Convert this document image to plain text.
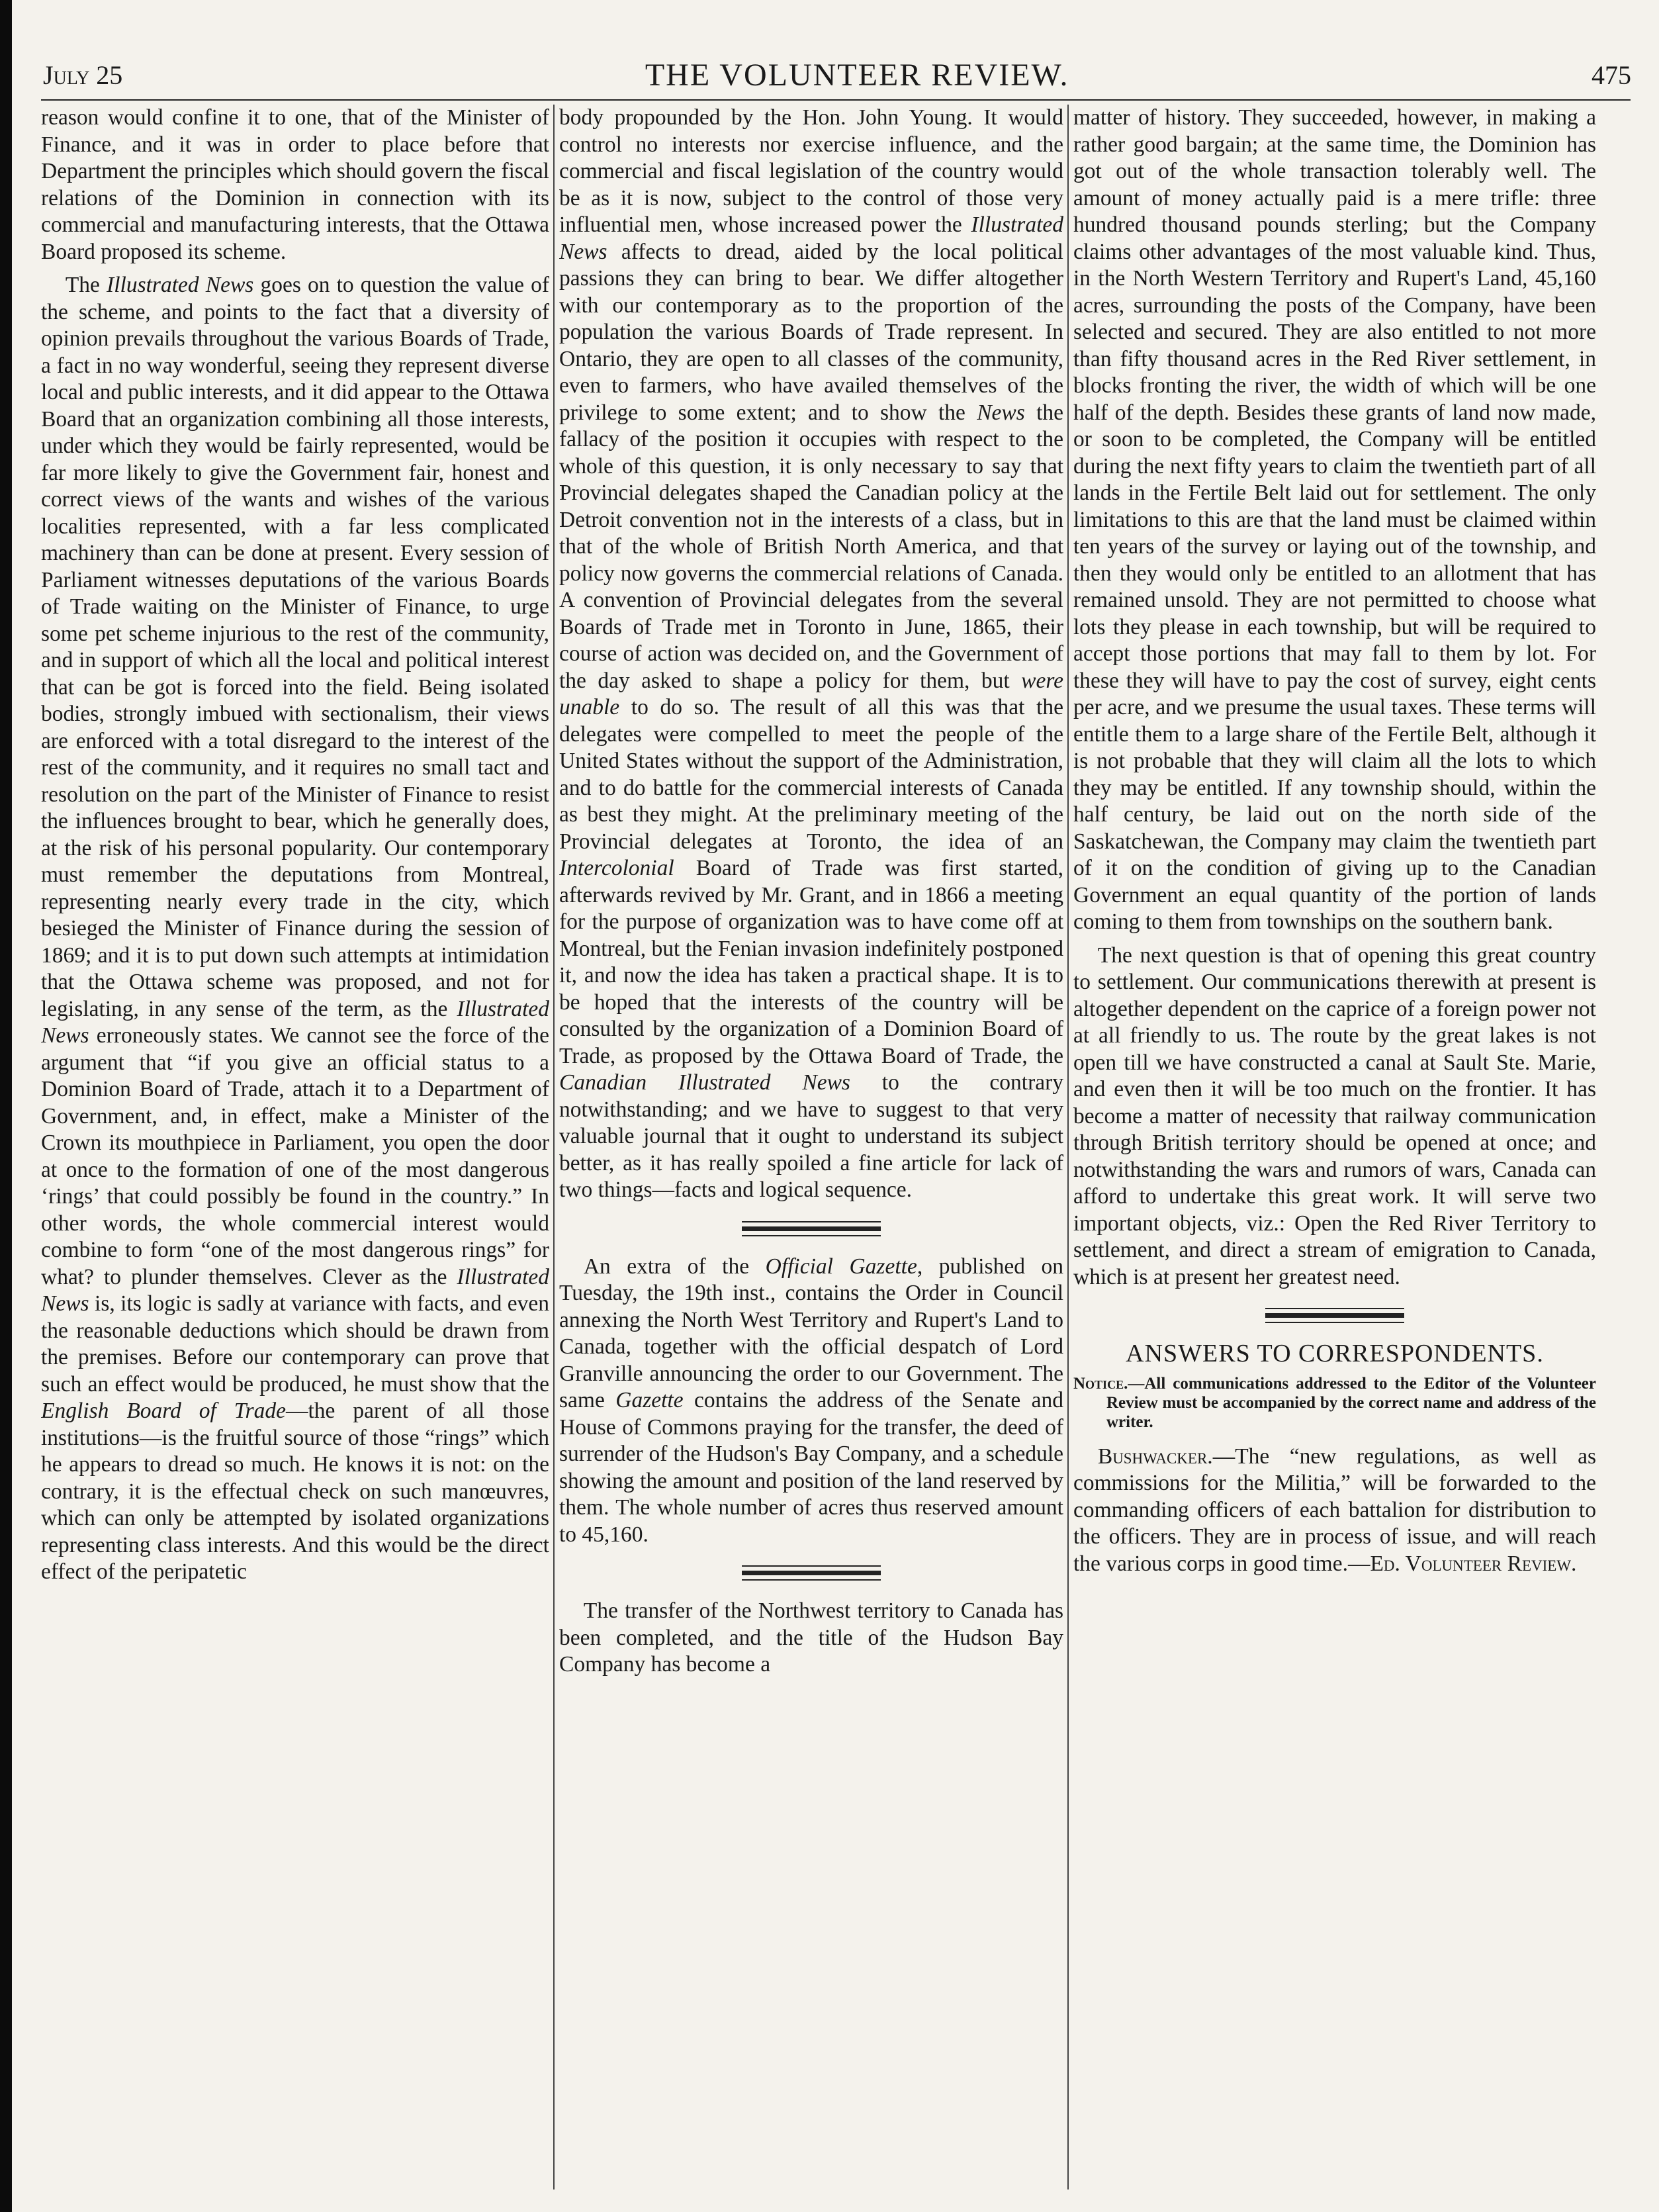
July 25	THE VOLUNTEER REVIEW.	475

reason would confine it to one, that of the Minister of Finance, and it was in order to place before that Department the principles which should govern the fiscal relations of the Dominion in connection with its commercial and manufacturing interests, that the Ottawa Board proposed its scheme.

The Illustrated News goes on to question the value of the scheme, and points to the fact that a diversity of opinion prevails throughout the various Boards of Trade, a fact in no way wonderful, seeing they represent diverse local and public interests, and it did appear to the Ottawa Board that an organization combining all those interests, under which they would be fairly represented, would be far more likely to give the Government fair, honest and correct views of the wants and wishes of the various localities represented, with a far less complicated machinery than can be done at present. Every session of Parliament witnesses deputations of the various Boards of Trade waiting on the Minister of Finance, to urge some pet scheme injurious to the rest of the community, and in support of which all the local and political interest that can be got is forced into the field. Being isolated bodies, strongly imbued with sectionalism, their views are enforced with a total disregard to the interest of the rest of the community, and it requires no small tact and resolution on the part of the Minister of Finance to resist the influences brought to bear, which he generally does, at the risk of his personal popularity. Our contemporary must remember the deputations from Montreal, representing nearly every trade in the city, which besieged the Minister of Finance during the session of 1869; and it is to put down such attempts at intimidation that the Ottawa scheme was proposed, and not for legislating, in any sense of the term, as the Illustrated News erroneously states. We cannot see the force of the argument that “if you give an official status to a Dominion Board of Trade, attach it to a Department of Government, and, in effect, make a Minister of the Crown its mouthpiece in Parliament, you open the door at once to the formation of one of the most dangerous ‘rings’ that could possibly be found in the country.” In other words, the whole commercial interest would combine to form “one of the most dangerous rings” for what? to plunder themselves. Clever as the Illustrated News is, its logic is sadly at variance with facts, and even the reasonable deductions which should be drawn from the premises. Before our contemporary can prove that such an effect would be produced, he must show that the English Board of Trade—the parent of all those institutions—is the fruitful source of those “rings” which he appears to dread so much. He knows it is not: on the contrary, it is the effectual check on such manœuvres, which can only be attempted by isolated organizations representing class interests. And this would be the direct effect of the peripatetic

body propounded by the Hon. John Young. It would control no interests nor exercise influence, and the commercial and fiscal legislation of the country would be as it is now, subject to the control of those very influential men, whose increased power the Illustrated News affects to dread, aided by the local political passions they can bring to bear. We differ altogether with our contemporary as to the proportion of the population the various Boards of Trade represent. In Ontario, they are open to all classes of the community, even to farmers, who have availed themselves of the privilege to some extent; and to show the News the fallacy of the position it occupies with respect to the whole of this question, it is only necessary to say that Provincial delegates shaped the Canadian policy at the Detroit convention not in the interests of a class, but in that of the whole of British North America, and that policy now governs the commercial relations of Canada. A convention of Provincial delegates from the several Boards of Trade met in Toronto in June, 1865, their course of action was decided on, and the Government of the day asked to shape a policy for them, but were unable to do so. The result of all this was that the delegates were compelled to meet the people of the United States without the support of the Administration, and to do battle for the commercial interests of Canada as best they might. At the preliminary meeting of the Provincial delegates at Toronto, the idea of an Intercolonial Board of Trade was first started, afterwards revived by Mr. Grant, and in 1866 a meeting for the purpose of organization was to have come off at Montreal, but the Fenian invasion indefinitely postponed it, and now the idea has taken a practical shape. It is to be hoped that the interests of the country will be consulted by the organization of a Dominion Board of Trade, as proposed by the Ottawa Board of Trade, the Canadian Illustrated News to the contrary notwithstanding; and we have to suggest to that very valuable journal that it ought to understand its subject better, as it has really spoiled a fine article for lack of two things—facts and logical sequence.

An extra of the Official Gazette, published on Tuesday, the 19th inst., contains the Order in Council annexing the North West Territory and Rupert's Land to Canada, together with the official despatch of Lord Granville announcing the order to our Government. The same Gazette contains the address of the Senate and House of Commons praying for the transfer, the deed of surrender of the Hudson's Bay Company, and a schedule showing the amount and position of the land reserved by them. The whole number of acres thus reserved amount to 45,160.

The transfer of the Northwest territory to Canada has been completed, and the title of the Hudson Bay Company has become a

matter of history. They succeeded, however, in making a rather good bargain; at the same time, the Dominion has got out of the whole transaction tolerably well. The amount of money actually paid is a mere trifle: three hundred thousand pounds sterling; but the Company claims other advantages of the most valuable kind. Thus, in the North Western Territory and Rupert's Land, 45,160 acres, surrounding the posts of the Company, have been selected and secured. They are also entitled to not more than fifty thousand acres in the Red River settlement, in blocks fronting the river, the width of which will be one half of the depth. Besides these grants of land now made, or soon to be completed, the Company will be entitled during the next fifty years to claim the twentieth part of all lands in the Fertile Belt laid out for settlement. The only limitations to this are that the land must be claimed within ten years of the survey or laying out of the township, and then they would only be entitled to an allotment that has remained unsold. They are not permitted to choose what lots they please in each township, but will be required to accept those portions that may fall to them by lot. For these they will have to pay the cost of survey, eight cents per acre, and we presume the usual taxes. These terms will entitle them to a large share of the Fertile Belt, although it is not probable that they will claim all the lots to which they may be entitled. If any township should, within the half century, be laid out on the north side of the Saskatchewan, the Company may claim the twentieth part of it on the condition of giving up to the Canadian Government an equal quantity of the portion of lands coming to them from townships on the southern bank.

The next question is that of opening this great country to settlement. Our communications therewith at present is altogether dependent on the caprice of a foreign power not at all friendly to us. The route by the great lakes is not open till we have constructed a canal at Sault Ste. Marie, and even then it will be too much on the frontier. It has become a matter of necessity that railway communication through British territory should be opened at once; and notwithstanding the wars and rumors of wars, Canada can afford to undertake this great work. It will serve two important objects, viz.: Open the Red River Territory to settlement, and direct a stream of emigration to Canada, which is at present her greatest need.

ANSWERS TO CORRESPONDENTS.

Notice.—All communications addressed to the Editor of the Volunteer Review must be accompanied by the correct name and address of the writer.

Bushwacker.—The “new regulations, as well as commissions for the Militia,” will be forwarded to the commanding officers of each battalion for distribution to the officers. They are in process of issue, and will reach the various corps in good time.—Ed. Volunteer Review.
